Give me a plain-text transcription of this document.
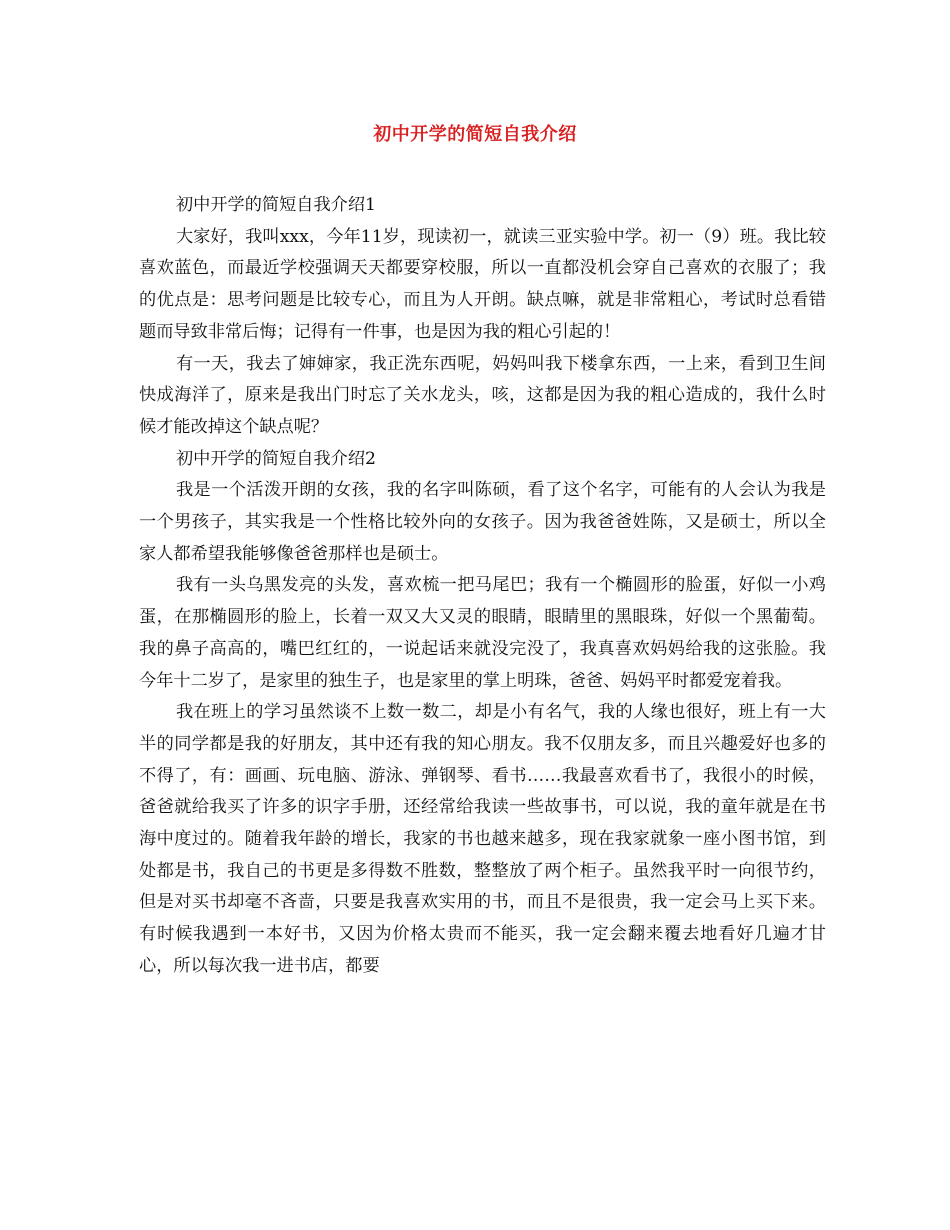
初中开学的简短自我介绍

初中开学的简短自我介绍1

大家好，我叫xxx，今年11岁，现读初一，就读三亚实验中学。初一（9）班。我比较喜欢蓝色，而最近学校强调天天都要穿校服，所以一直都没机会穿自己喜欢的衣服了；我的优点是：思考问题是比较专心，而且为人开朗。缺点嘛，就是非常粗心，考试时总看错题而导致非常后悔；记得有一件事，也是因为我的粗心引起的！

有一天，我去了婶婶家，我正洗东西呢，妈妈叫我下楼拿东西，一上来，看到卫生间快成海洋了，原来是我出门时忘了关水龙头，咳，这都是因为我的粗心造成的，我什么时候才能改掉这个缺点呢？

初中开学的简短自我介绍2

我是一个活泼开朗的女孩，我的名字叫陈硕，看了这个名字，可能有的人会认为我是一个男孩子，其实我是一个性格比较外向的女孩子。因为我爸爸姓陈，又是硕士，所以全家人都希望我能够像爸爸那样也是硕士。

我有一头乌黑发亮的头发，喜欢梳一把马尾巴；我有一个椭圆形的脸蛋，好似一小鸡蛋，在那椭圆形的脸上，长着一双又大又灵的眼睛，眼睛里的黑眼珠，好似一个黑葡萄。我的鼻子高高的，嘴巴红红的，一说起话来就没完没了，我真喜欢妈妈给我的这张脸。我今年十二岁了，是家里的独生子，也是家里的掌上明珠，爸爸、妈妈平时都爱宠着我。

我在班上的学习虽然谈不上数一数二，却是小有名气，我的人缘也很好，班上有一大半的同学都是我的好朋友，其中还有我的知心朋友。我不仅朋友多，而且兴趣爱好也多的不得了，有：画画、玩电脑、游泳、弹钢琴、看书……我最喜欢看书了，我很小的时候，爸爸就给我买了许多的识字手册，还经常给我读一些故事书，可以说，我的童年就是在书海中度过的。随着我年龄的增长，我家的书也越来越多，现在我家就象一座小图书馆，到处都是书，我自己的书更是多得数不胜数，整整放了两个柜子。虽然我平时一向很节约，但是对买书却毫不吝啬，只要是我喜欢实用的书，而且不是很贵，我一定会马上买下来。有时候我遇到一本好书，又因为价格太贵而不能买，我一定会翻来覆去地看好几遍才甘心，所以每次我一进书店，都要
